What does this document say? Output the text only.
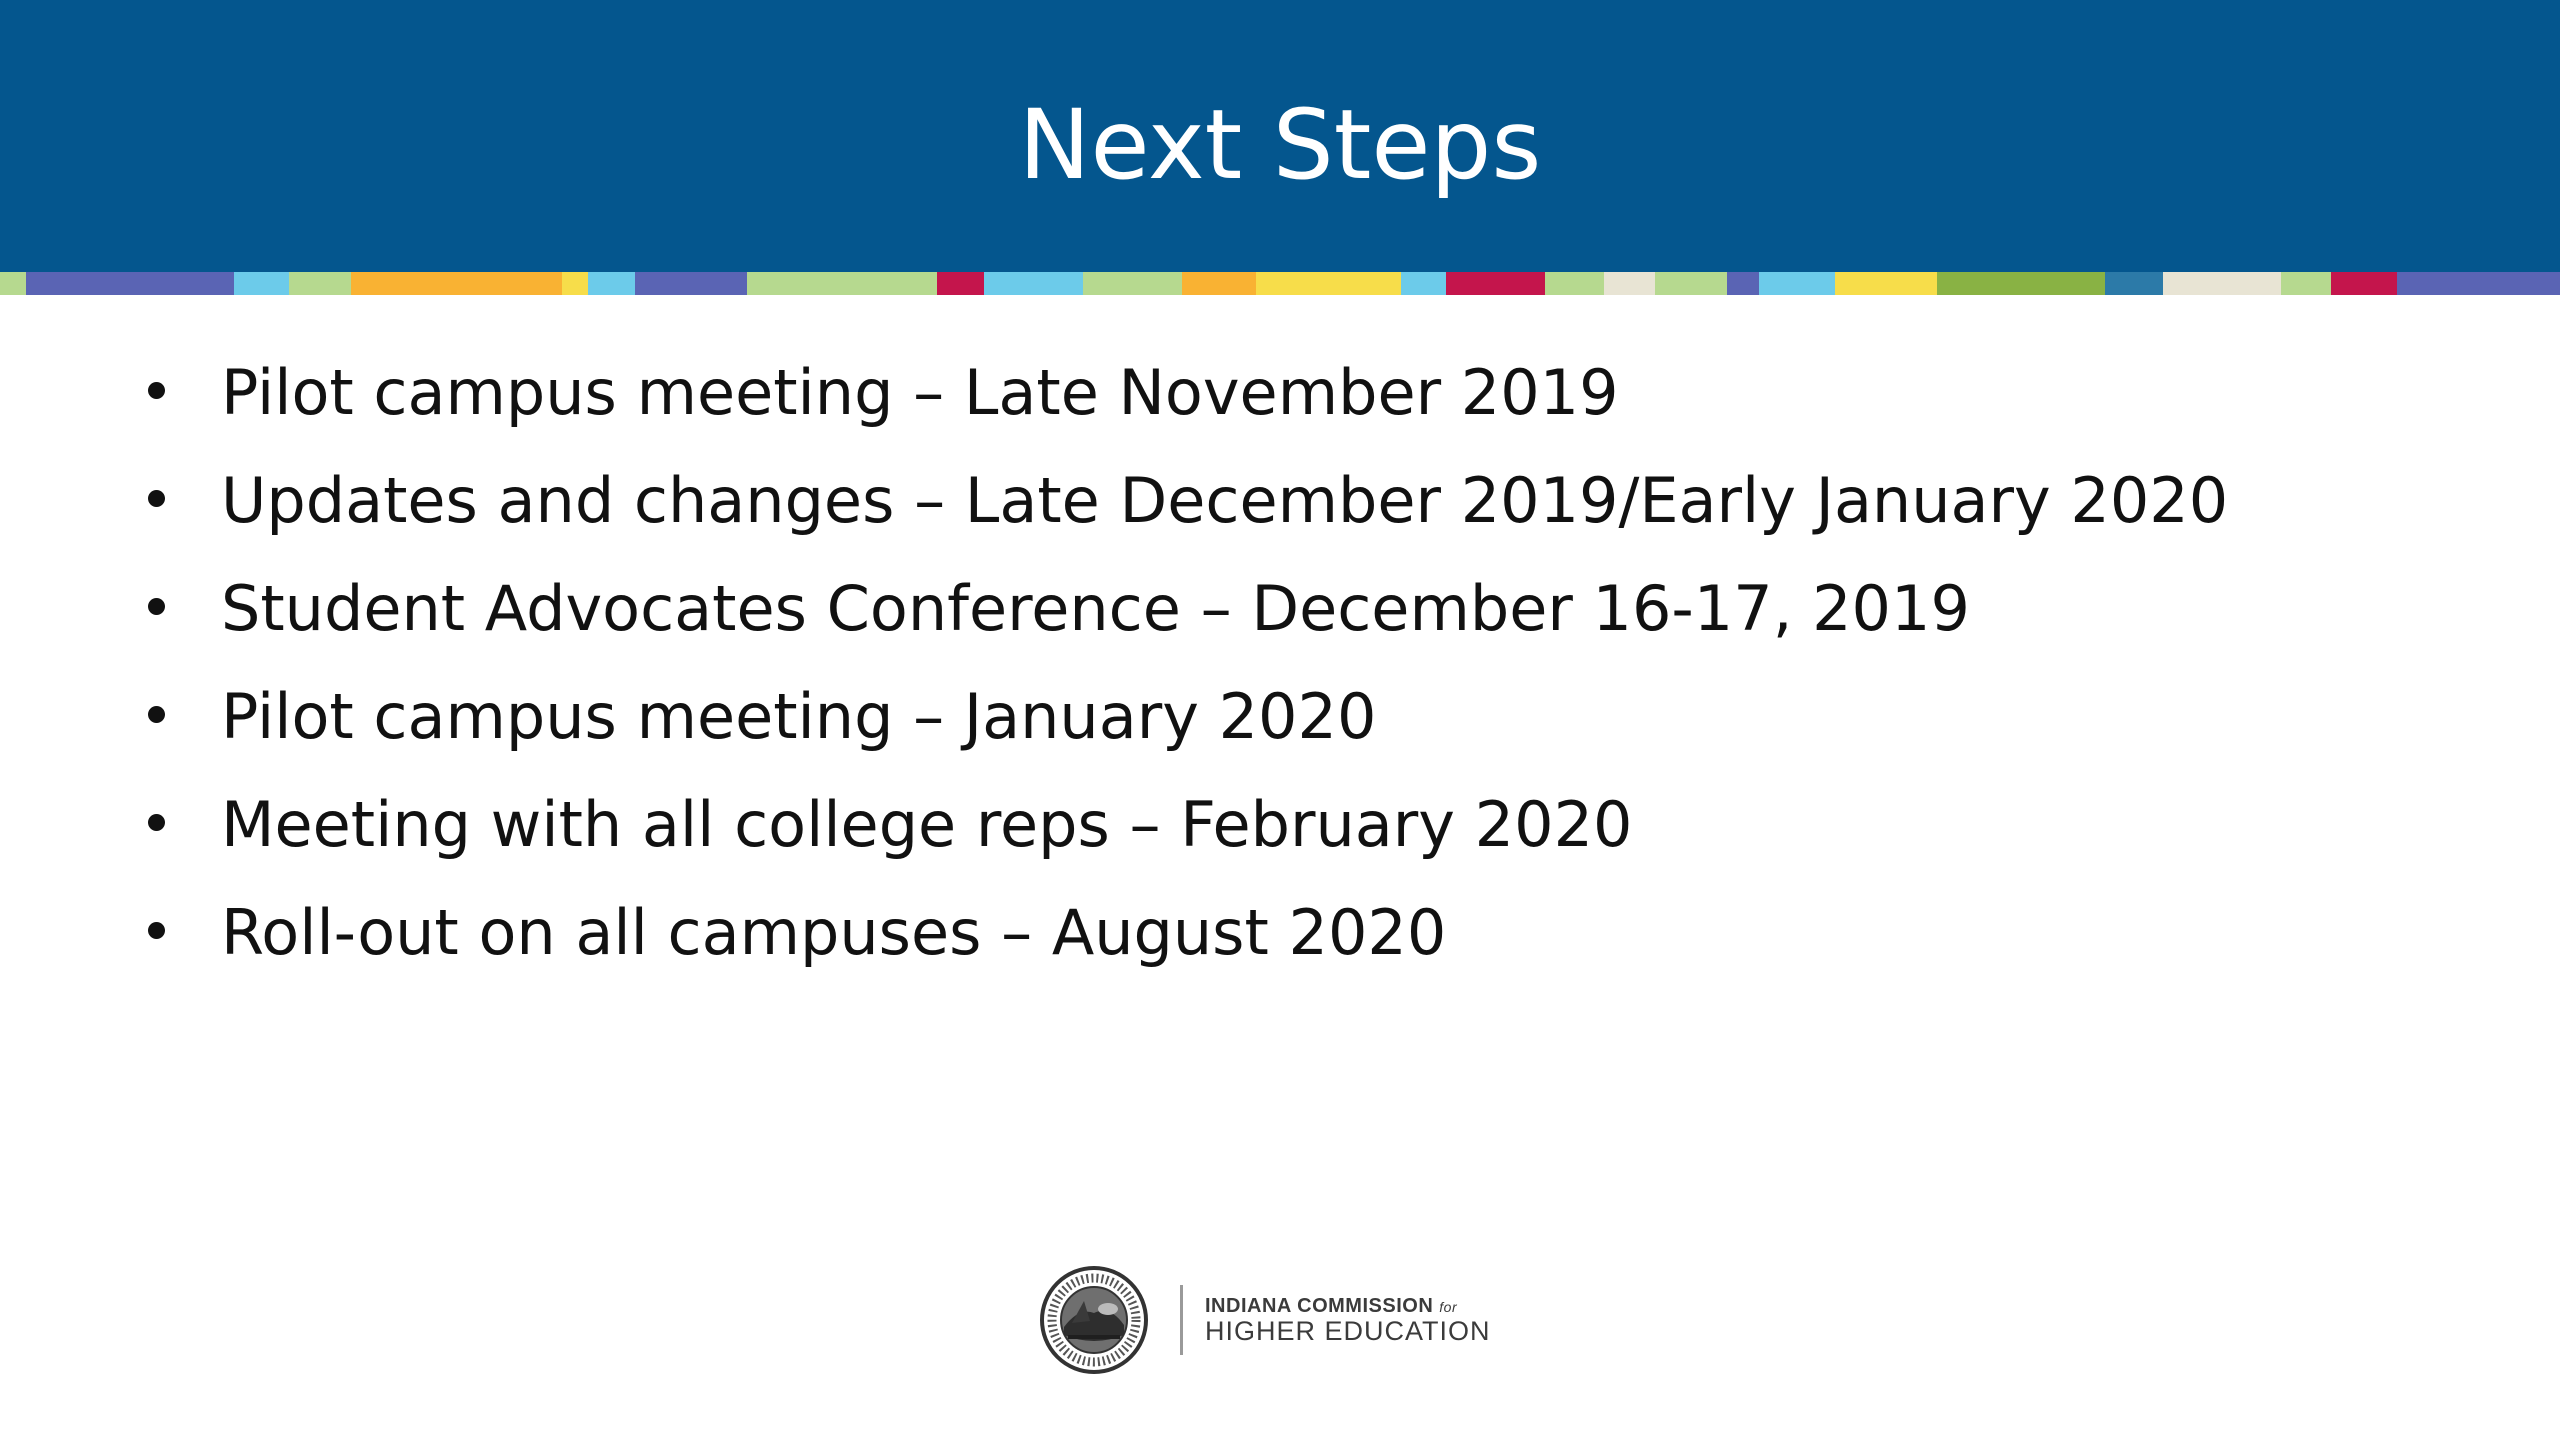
Next Steps
Pilot campus meeting – Late November 2019
Updates and changes – Late December 2019/Early January 2020
Student Advocates Conference – December 16-17, 2019
Pilot campus meeting – January 2020
Meeting with all college reps – February 2020
Roll-out on all campuses – August 2020
INDIANA COMMISSION for
HIGHER EDUCATION
